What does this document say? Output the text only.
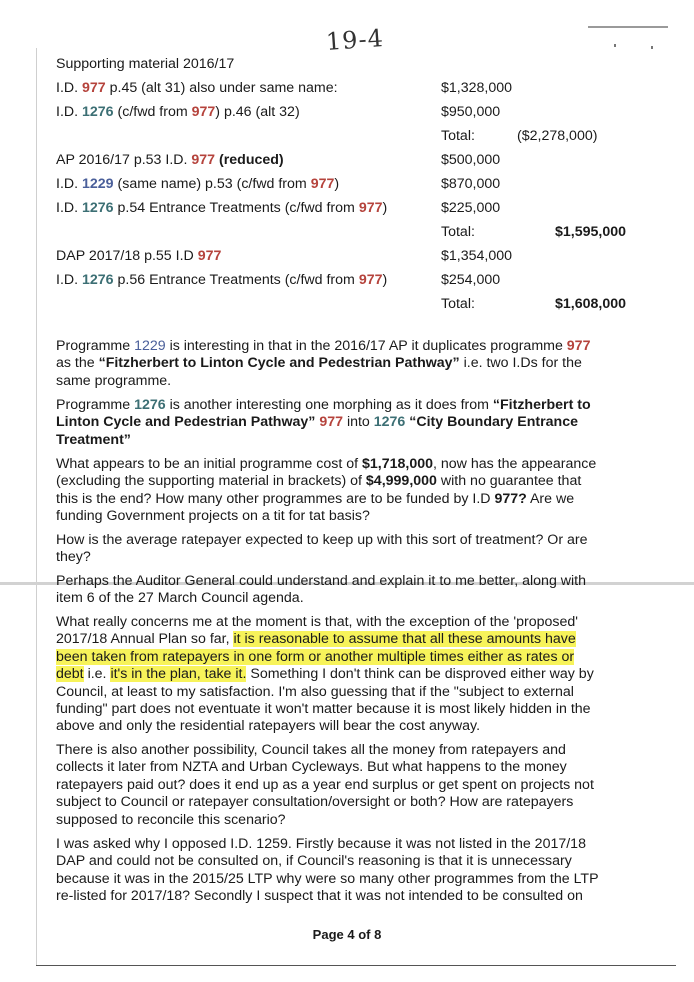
19-4
Supporting material 2016/17
I.D. 977 p.45 (alt 31) also under same name:	$1,328,000
I.D. 1276 (c/fwd from 977) p.46 (alt 32)	$950,000
Total:	($2,278,000)
AP 2016/17 p.53 I.D. 977 (reduced)	$500,000
I.D. 1229 (same name) p.53 (c/fwd from 977)	$870,000
I.D. 1276 p.54 Entrance Treatments (c/fwd from 977)	$225,000
Total:	$1,595,000
DAP 2017/18 p.55 I.D 977	$1,354,000
I.D. 1276 p.56 Entrance Treatments (c/fwd from 977)	$254,000
Total:	$1,608,000
Programme 1229 is interesting in that in the 2016/17 AP it duplicates programme 977
as the “Fitzherbert to Linton Cycle and Pedestrian Pathway” i.e. two I.Ds for the
same programme.
Programme 1276 is another interesting one morphing as it does from “Fitzherbert to
Linton Cycle and Pedestrian Pathway” 977 into 1276 “City Boundary Entrance
Treatment”
What appears to be an initial programme cost of $1,718,000, now has the appearance
(excluding the supporting material in brackets) of $4,999,000 with no guarantee that
this is the end? How many other programmes are to be funded by I.D 977? Are we
funding Government projects on a tit for tat basis?
How is the average ratepayer expected to keep up with this sort of treatment? Or are
they?
Perhaps the Auditor General could understand and explain it to me better, along with
item 6 of the 27 March Council agenda.
What really concerns me at the moment is that, with the exception of the 'proposed'
2017/18 Annual Plan so far, it is reasonable to assume that all these amounts have
been taken from ratepayers in one form or another multiple times either as rates or
debt i.e. it's in the plan, take it. Something I don't think can be disproved either way by
Council, at least to my satisfaction. I'm also guessing that if the "subject to external
funding" part does not eventuate it won't matter because it is most likely hidden in the
above and only the residential ratepayers will bear the cost anyway.
There is also another possibility, Council takes all the money from ratepayers and
collects it later from NZTA and Urban Cycleways. But what happens to the money
ratepayers paid out? does it end up as a year end surplus or get spent on projects not
subject to Council or ratepayer consultation/oversight or both? How are ratepayers
supposed to reconcile this scenario?
I was asked why I opposed I.D. 1259. Firstly because it was not listed in the 2017/18
DAP and could not be consulted on, if Council's reasoning is that it is unnecessary
because it was in the 2015/25 LTP why were so many other programmes from the LTP
re-listed for 2017/18? Secondly I suspect that it was not intended to be consulted on
Page 4 of 8
